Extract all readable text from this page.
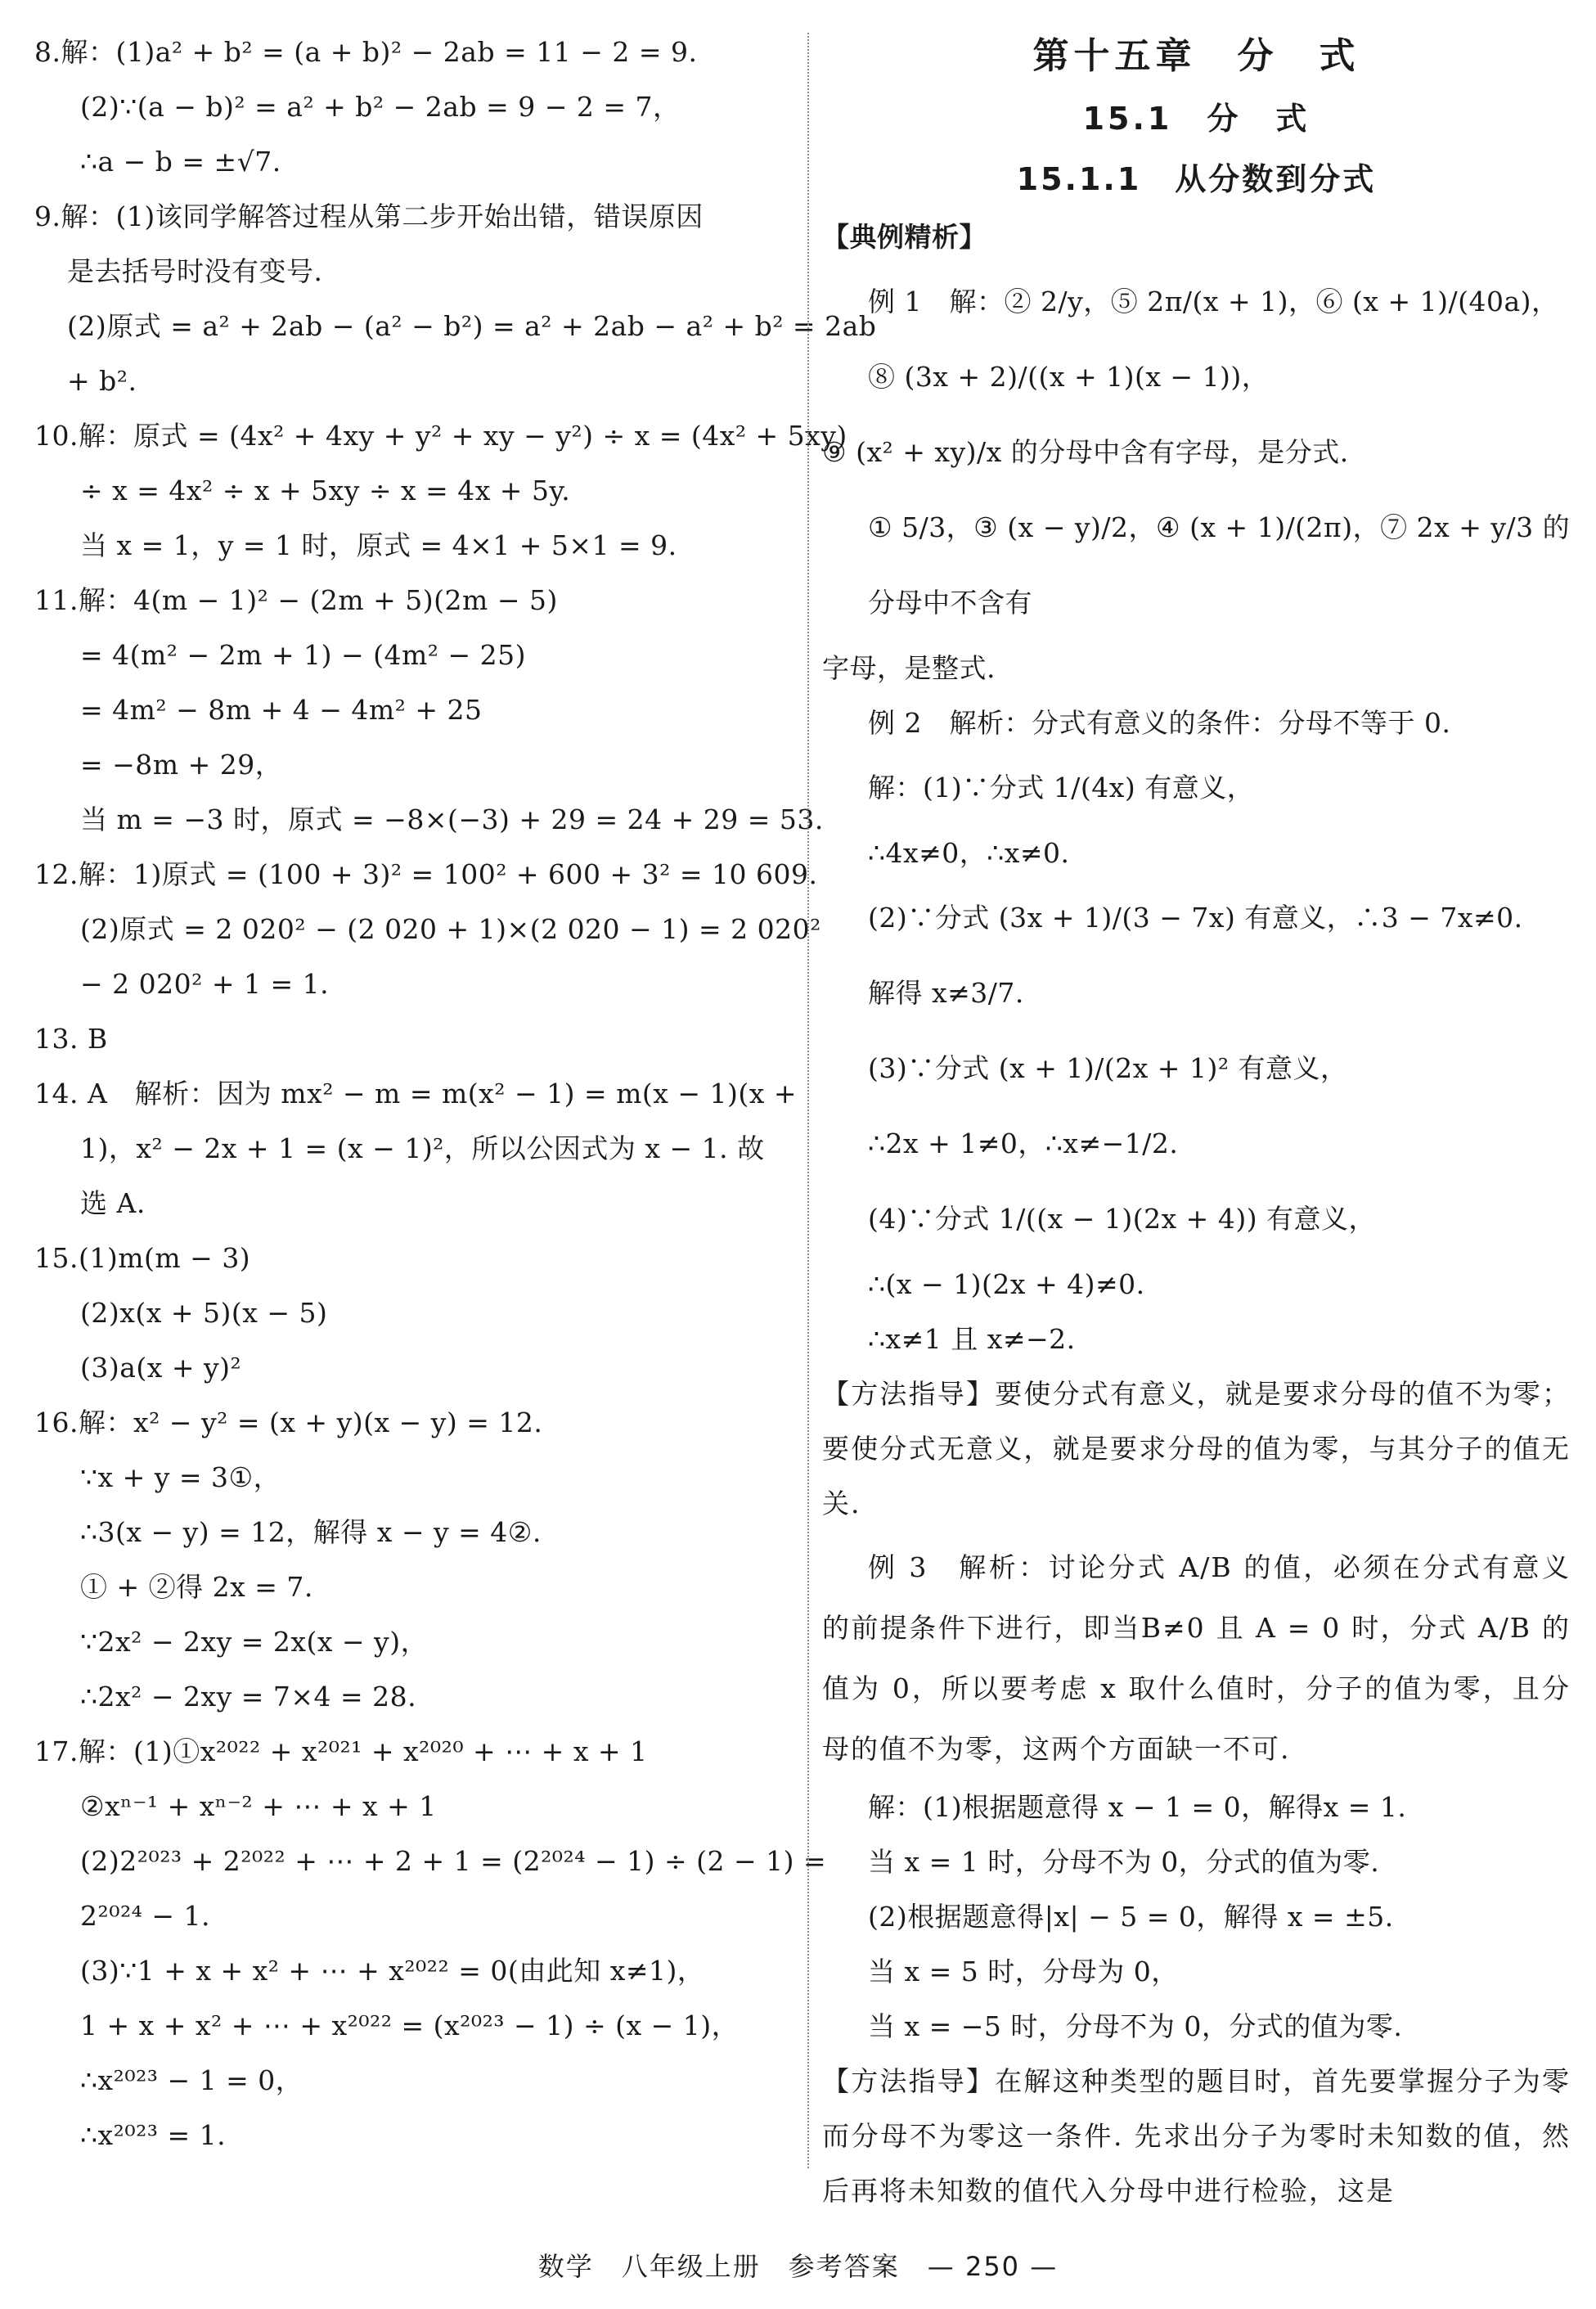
8.解：(1)a² + b² = (a + b)² − 2ab = 11 − 2 = 9.
(2)∵(a − b)² = a² + b² − 2ab = 9 − 2 = 7，
∴a − b = ±√7.
9.解：(1)该同学解答过程从第二步开始出错，错误原因
是去括号时没有变号.
(2)原式 = a² + 2ab − (a² − b²) = a² + 2ab − a² + b² = 2ab
+ b².
10.解：原式 = (4x² + 4xy + y² + xy − y²) ÷ x = (4x² + 5xy)
÷ x = 4x² ÷ x + 5xy ÷ x = 4x + 5y.
当 x = 1，y = 1 时，原式 = 4×1 + 5×1 = 9.
11.解：4(m − 1)² − (2m + 5)(2m − 5)
= 4(m² − 2m + 1) − (4m² − 25)
= 4m² − 8m + 4 − 4m² + 25
= −8m + 29，
当 m = −3 时，原式 = −8×(−3) + 29 = 24 + 29 = 53.
12.解：1)原式 = (100 + 3)² = 100² + 600 + 3² = 10 609.
(2)原式 = 2 020² − (2 020 + 1)×(2 020 − 1) = 2 020²
− 2 020² + 1 = 1.
13. B
14. A　解析：因为 mx² − m = m(x² − 1) = m(x − 1)(x +
1)，x² − 2x + 1 = (x − 1)²，所以公因式为 x − 1. 故
选 A.
15.(1)m(m − 3)
(2)x(x + 5)(x − 5)
(3)a(x + y)²
16.解：x² − y² = (x + y)(x − y) = 12.
∵x + y = 3①，
∴3(x − y) = 12，解得 x − y = 4②.
① + ②得 2x = 7.
∵2x² − 2xy = 2x(x − y)，
∴2x² − 2xy = 7×4 = 28.
17.解：(1)①x²⁰²² + x²⁰²¹ + x²⁰²⁰ + ⋯ + x + 1
②xⁿ⁻¹ + xⁿ⁻² + ⋯ + x + 1
(2)2²⁰²³ + 2²⁰²² + ⋯ + 2 + 1 = (2²⁰²⁴ − 1) ÷ (2 − 1) =
2²⁰²⁴ − 1.
(3)∵1 + x + x² + ⋯ + x²⁰²² = 0(由此知 x≠1)，
1 + x + x² + ⋯ + x²⁰²² = (x²⁰²³ − 1) ÷ (x − 1)，
∴x²⁰²³ − 1 = 0，
∴x²⁰²³ = 1.
第十五章　分　式
15.1　分　式
15.1.1　从分数到分式
【典例精析】
例 1　解：② 2/y，⑤ 2π/(x + 1)，⑥ (x + 1)/(40a)，⑧ (3x + 2)/((x + 1)(x − 1))，
⑨ (x² + xy)/x 的分母中含有字母，是分式.
① 5/3，③ (x − y)/2，④ (x + 1)/(2π)，⑦ 2x + y/3 的分母中不含有
字母，是整式.
例 2　解析：分式有意义的条件：分母不等于 0.
解：(1)∵分式 1/(4x) 有意义，
∴4x≠0，∴x≠0.
(2)∵分式 (3x + 1)/(3 − 7x) 有意义，∴3 − 7x≠0.
解得 x≠3/7.
(3)∵分式 (x + 1)/(2x + 1)² 有意义，
∴2x + 1≠0，∴x≠−1/2.
(4)∵分式 1/((x − 1)(2x + 4)) 有意义，
∴(x − 1)(2x + 4)≠0.
∴x≠1 且 x≠−2.
【方法指导】要使分式有意义，就是要求分母的值不为零；要使分式无意义，就是要求分母的值为零，与其分子的值无关.
例 3　解析：讨论分式 A/B 的值，必须在分式有意义的前提条件下进行，即当B≠0 且 A = 0 时，分式 A/B 的值为 0，所以要考虑 x 取什么值时，分子的值为零，且分母的值不为零，这两个方面缺一不可.
解：(1)根据题意得 x − 1 = 0，解得x = 1.
当 x = 1 时，分母不为 0，分式的值为零.
(2)根据题意得|x| − 5 = 0，解得 x = ±5.
当 x = 5 时，分母为 0，
当 x = −5 时，分母不为 0，分式的值为零.
【方法指导】在解这种类型的题目时，首先要掌握分子为零而分母不为零这一条件. 先求出分子为零时未知数的值，然后再将未知数的值代入分母中进行检验，这是
数学　八年级上册　参考答案　— 250 —
